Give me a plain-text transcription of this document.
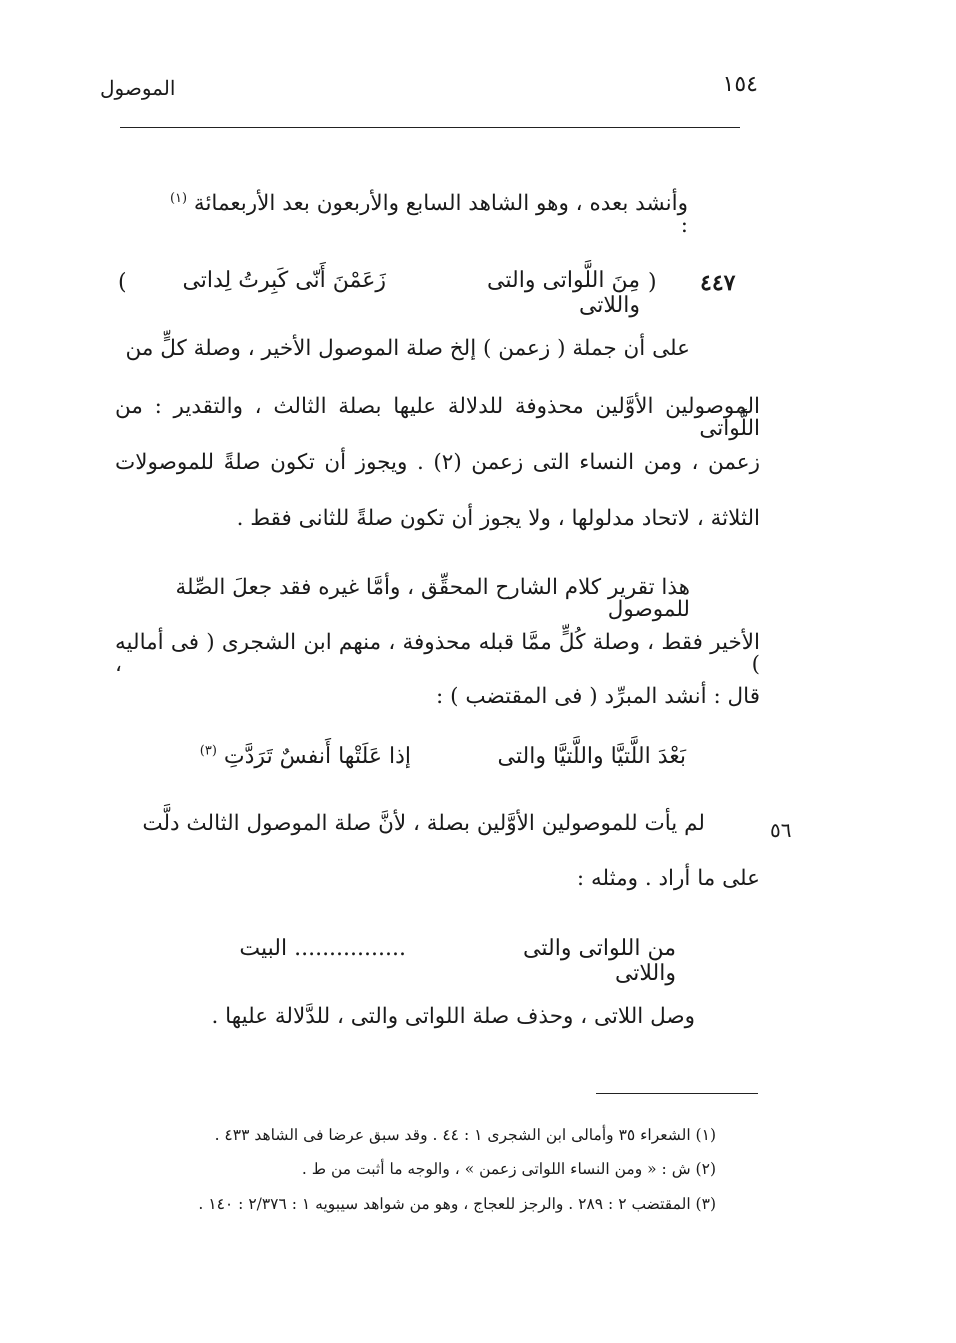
١٥٤
الموصول
وأنشد بعده ، وهو الشاهد السابع والأربعون بعد الأربعمائة $^{(١)}$ :
٤٤٧
(
مِنَ اللَّواتى والتى واللاتى
زَعَمْنَ أَنّى كَبِرتُ لِداتى
)
على أن جملة ( زعمن ) إلخ صلة الموصول الأخير ، وصلة كلٍّ من
الموصولين الأوَّلين محذوفة للدلالة عليها بصلة الثالث ، والتقدير : من اللَّواتى
زعمن ، ومن النساء التى زعمن (٢) . ويجوز أن تكون صلةً للموصولات
الثلاثة ، لاتحاد مدلولها ، ولا يجوز أن تكون صلةً للثانى فقط .
هذا تقرير كلام الشارح المحقِّق ، وأمَّا غيره فقد جعلَ الصِّلة للموصول
الأخير فقط ، وصلة كُلٍّ ممَّا قبله محذوفة ، منهم ابن الشجرى ( فى أماليه ) ،
قال : أنشد المبرِّد ( فى المقتضب ) :
بَعْدَ اللَّتيَّا واللَّتيَّا والتى
إذا عَلَتْها أَنفسٌ تَرَدَّتِ $^{(٣)}$
٥٦
لم يأت للموصولين الأوَّلين بصلة ، لأنَّ صلة الموصول الثالث دلَّت
على ما أراد . ومثله :
من اللواتى والتى واللاتى
................ البيت
وصل اللاتى ، وحذف صلة اللواتى والتى ، للدَّلالة عليها .
(١) الشعراء ٣٥ وأمالى ابن الشجرى ١ : ٤٤ . وقد سبق عرضا فى الشاهد ٤٣٣ .
(٢) ش : « ومن النساء اللواتى زعمن » ، والوجه ما أثبت من ط .
(٣) المقتضب ٢ : ٢٨٩ . والرجز للعجاج ، وهو من شواهد سيبويه ١ : ٢/٣٧٦ : ١٤٠ .
